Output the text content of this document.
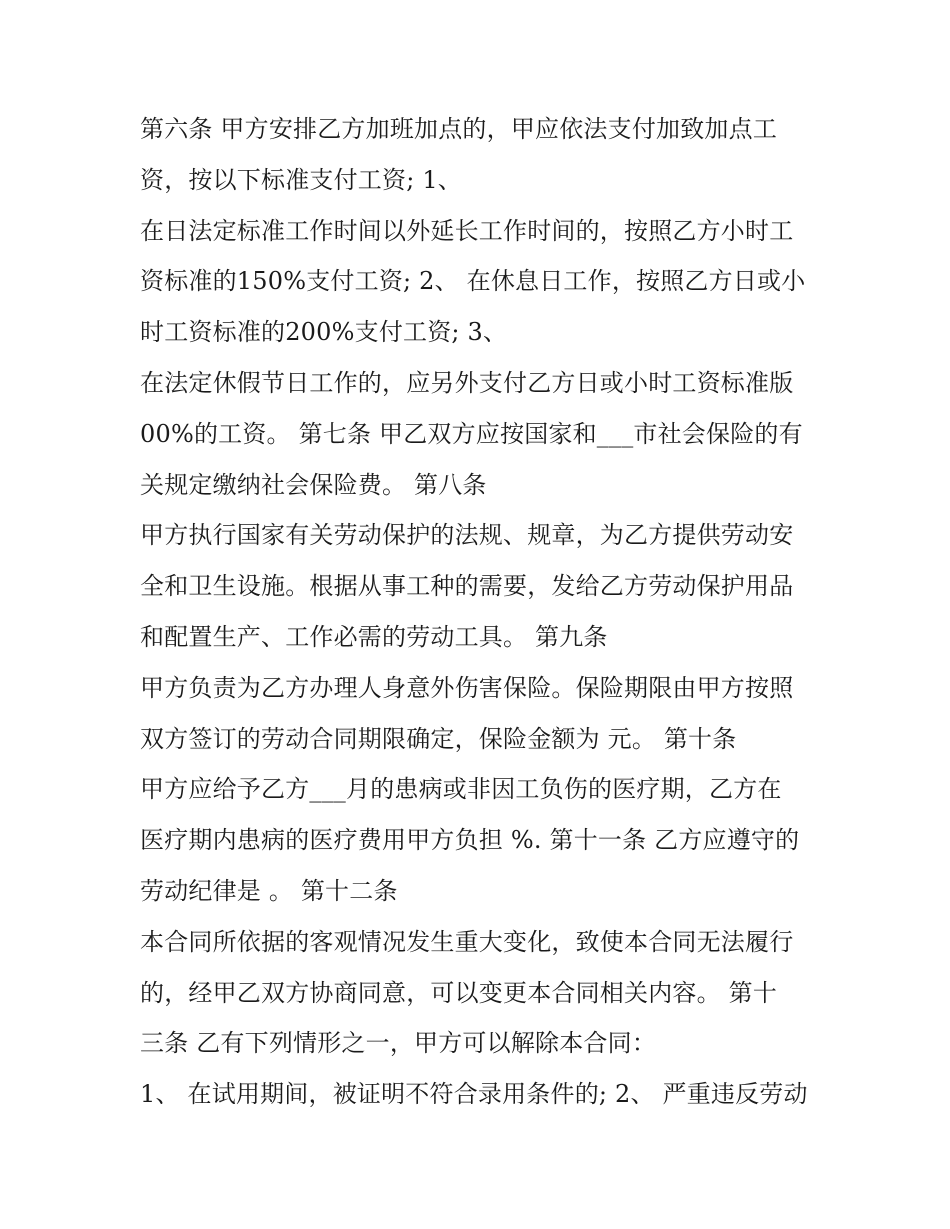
第六条 甲方安排乙方加班加点的，甲应依法支付加致加点工
资，按以下标准支付工资; 1、
在日法定标准工作时间以外延长工作时间的，按照乙方小时工
资标准的150%支付工资; 2、 在休息日工作，按照乙方日或小
时工资标准的200%支付工资; 3、
在法定休假节日工作的，应另外支付乙方日或小时工资标准版
00%的工资。 第七条 甲乙双方应按国家和___市社会保险的有
关规定缴纳社会保险费。 第八条
甲方执行国家有关劳动保护的法规、规章，为乙方提供劳动安
全和卫生设施。根据从事工种的需要，发给乙方劳动保护用品
和配置生产、工作必需的劳动工具。 第九条
甲方负责为乙方办理人身意外伤害保险。保险期限由甲方按照
双方签订的劳动合同期限确定，保险金额为 元。 第十条
甲方应给予乙方___月的患病或非因工负伤的医疗期，乙方在
医疗期内患病的医疗费用甲方负担 %. 第十一条 乙方应遵守的
劳动纪律是 。 第十二条
本合同所依据的客观情况发生重大变化，致使本合同无法履行
的，经甲乙双方协商同意，可以变更本合同相关内容。 第十
三条 乙有下列情形之一，甲方可以解除本合同：
1、 在试用期间，被证明不符合录用条件的; 2、 严重违反劳动
